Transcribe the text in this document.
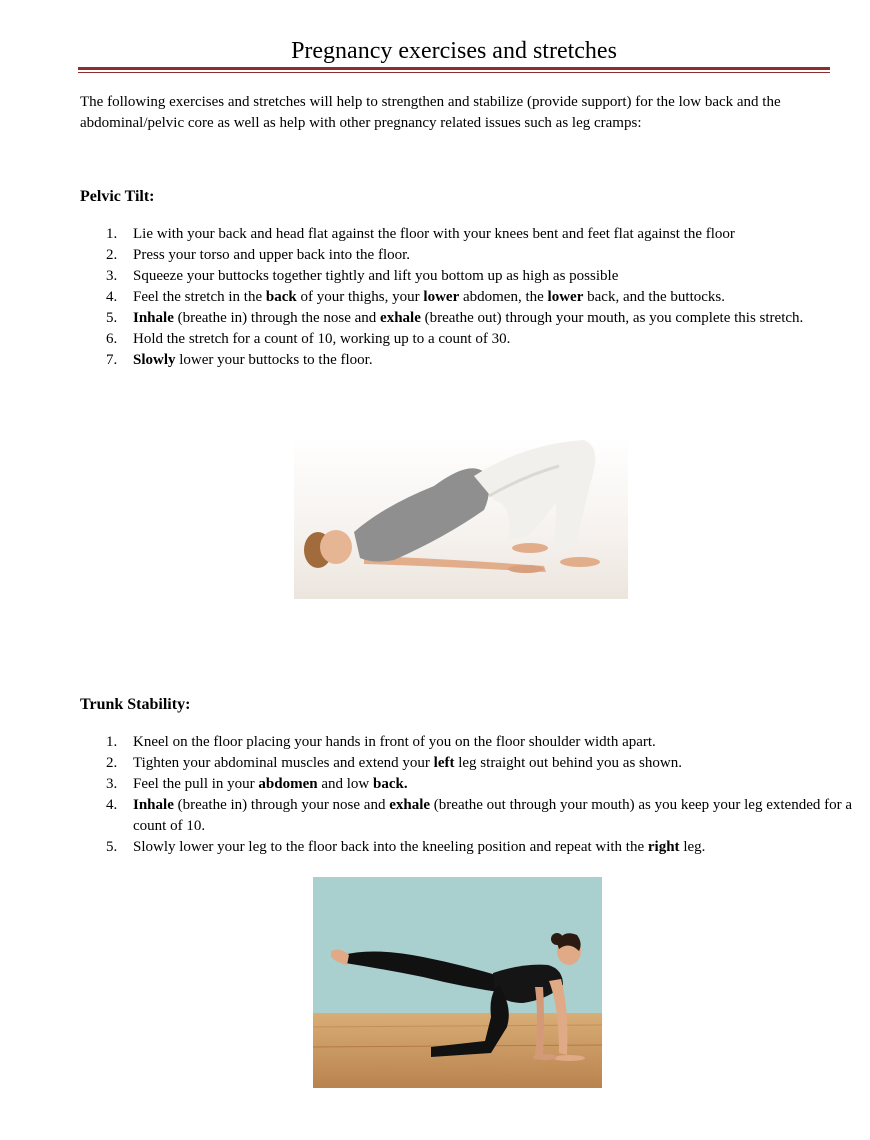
Pregnancy exercises and stretches
The following exercises and stretches will help to strengthen and stabilize (provide support) for the low back and the abdominal/pelvic core as well as help with other pregnancy related issues such as leg cramps:
Pelvic Tilt:
1.	Lie with your back and head flat against the floor with your knees bent and feet flat against the floor
2.	Press your torso and upper back into the floor.
3.	Squeeze your buttocks together tightly and lift you bottom up as high as possible
4.	Feel the stretch in the back of your thighs, your lower abdomen, the lower back, and the buttocks.
5.	Inhale (breathe in) through the nose and exhale (breathe out) through your mouth, as you complete this stretch.
6.	Hold the stretch for a count of 10, working up to a count of 30.
7.	Slowly lower your buttocks to the floor.
Trunk Stability:
1.	Kneel on the floor placing your hands in front of you on the floor shoulder width apart.
2.	Tighten your abdominal muscles and extend your left leg straight out behind you as shown.
3.	Feel the pull in your abdomen and low back.
4.	Inhale (breathe in) through your nose and exhale (breathe out through your mouth) as you keep your leg extended for a count of 10.
5.	Slowly lower your leg to the floor back into the kneeling position and repeat with the right leg.
